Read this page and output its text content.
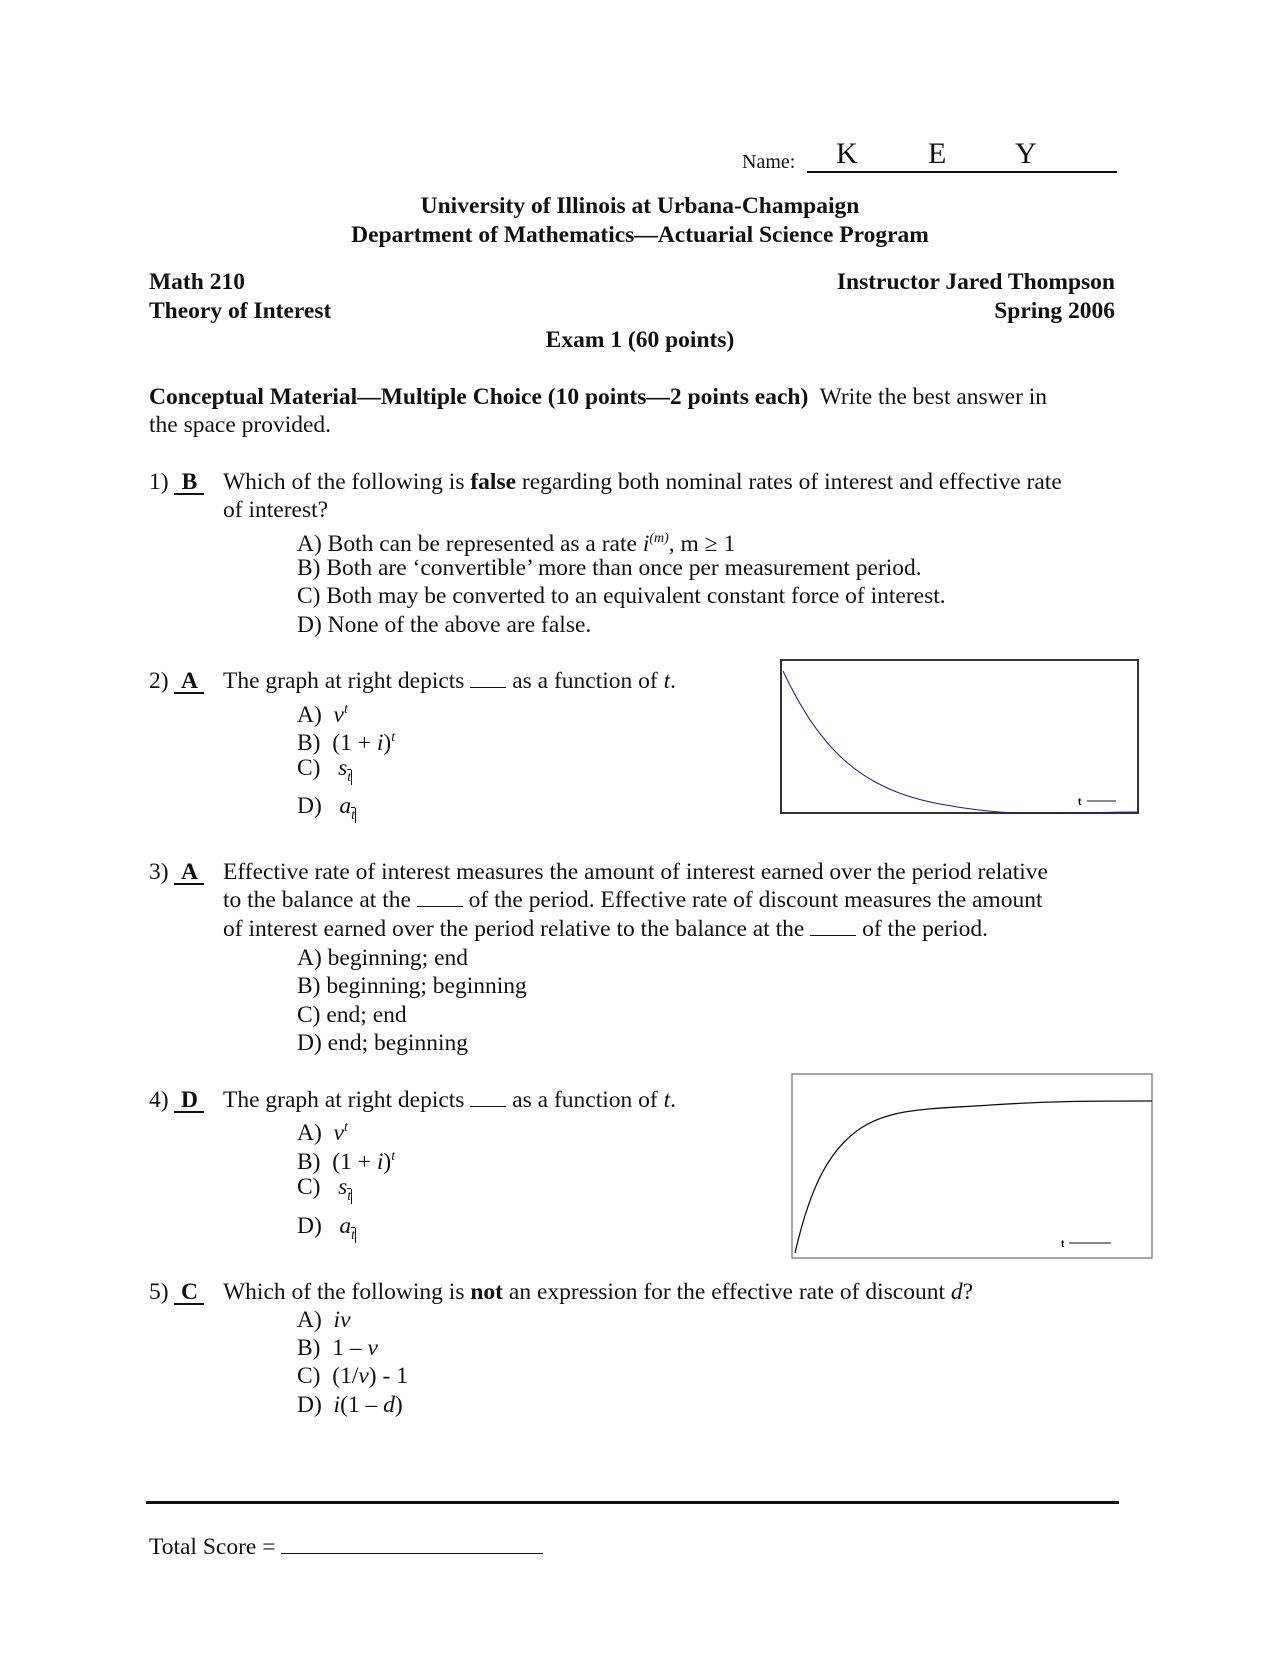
Name: K E Y
University of Illinois at Urbana-Champaign
Department of Mathematics—Actuarial Science Program
Math 210
Theory of Interest
Instructor Jared Thompson
Spring 2006
Exam 1 (60 points)
Conceptual Material—Multiple Choice (10 points—2 points each) Write the best answer in
the space provided.
1) B	Which of the following is false regarding both nominal rates of interest and effective rate
of interest?
A) Both can be represented as a rate $i^{(m)}$, m ≥ 1
B) Both are ‘convertible’ more than once per measurement period.
C) Both may be converted to an equivalent constant force of interest.
D) None of the above are false.
2) A The graph at right depicts  as a function of t.
A) $v^t$
B) $(1 + i)^t$
C) $s_{\overline{t}}$
D) $a_{\overline{t}}$
t
3) A Effective rate of interest measures the amount of interest earned over the period relative
to the balance at the  of the period. Effective rate of discount measures the amount
of interest earned over the period relative to the balance at the  of the period.
A) beginning; end
B) beginning; beginning
C) end; end
D) end; beginning
4) D The graph at right depicts  as a function of t.
A) $v^t$
B) $(1 + i)^t$
C) $s_{\overline{t}}$
D) $a_{\overline{t}}$
t
5) C Which of the following is not an expression for the effective rate of discount d?
A) iv
B) 1 – v
C) (1/v) - 1
D) i(1 – d)
Total Score =
